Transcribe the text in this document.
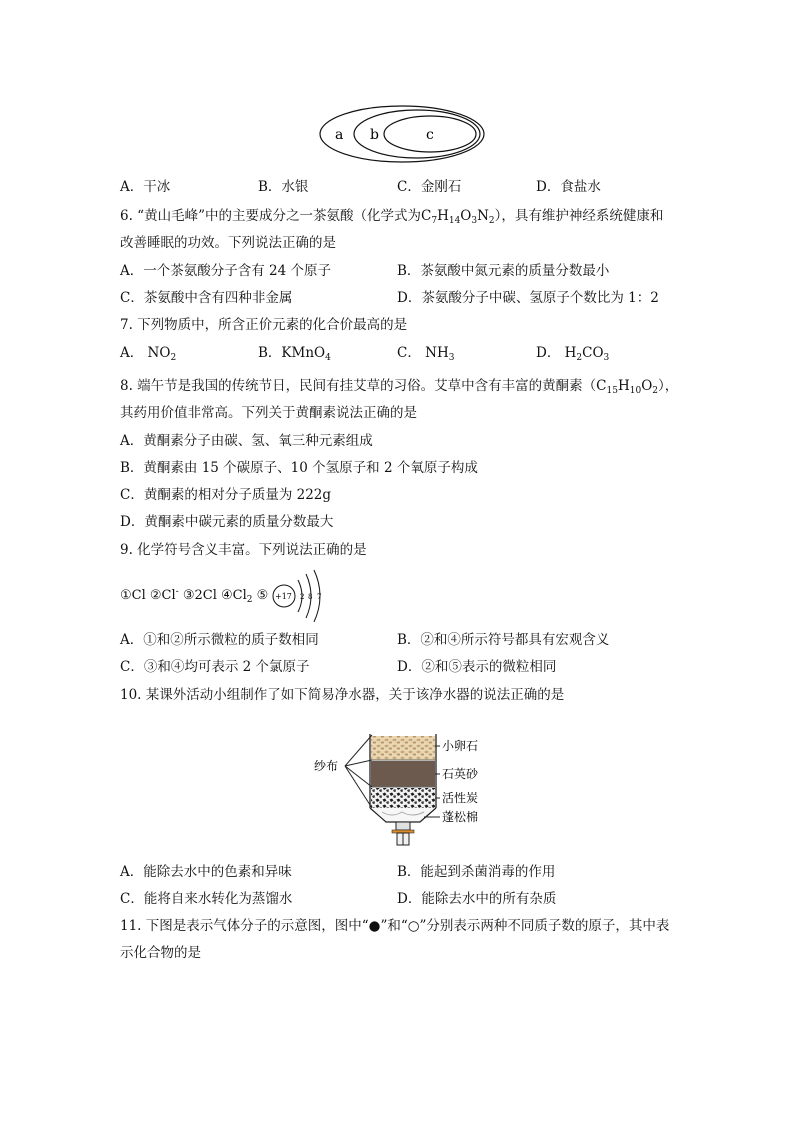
a b	c
A．干冰	B．水银	C．金刚石	D．食盐水
6. “黄山毛峰”中的主要成分之一茶氨酸（化学式为$C_7H_{14}O_3N_2$），具有维护神经系统健康和
改善睡眠的功效。下列说法正确的是
A．一个茶氨酸分子含有 24 个原子	B．茶氨酸中氮元素的质量分数最小
C．茶氨酸中含有四种非金属	D．茶氨酸分子中碳、氢原子个数比为 1：2
7. 下列物质中，所含正价元素的化合价最高的是
A． $NO_2$	B．KMnO$_4$	C． $NH_3$	D． $H_2CO_3$
8. 端午节是我国的传统节日，民间有挂艾草的习俗。艾草中含有丰富的黄酮素$(C_{15}H_{10}O_2)$，
其药用价值非常高。下列关于黄酮素说法正确的是
A．黄酮素分子由碳、氢、氧三种元素组成
B．黄酮素由 15 个碳原子、10 个氢原子和 2 个氧原子构成
C．黄酮素的相对分子质量为 222g
D．黄酮素中碳元素的质量分数最大
9. 化学符号含义丰富。下列说法正确的是
①Cl ②Cl- ③2Cl $④Cl_2$ ⑤ +17 2 8 7
A．①和②所示微粒的质子数相同	B．②和④所示符号都具有宏观含义
C．③和④均可表示 2 个氯原子	D．②和⑤表示的微粒相同
10. 某课外活动小组制作了如下简易净水器，关于该净水器的说法正确的是
纱布
小卵石
石英砂
活性炭
蓬松棉
A．能除去水中的色素和异味	B．能起到杀菌消毒的作用
C．能将自来水转化为蒸馏水	D．能除去水中的所有杂质
11. 下图是表示气体分子的示意图，图中“●”和“○”分别表示两种不同质子数的原子，其中表
示化合物的是
